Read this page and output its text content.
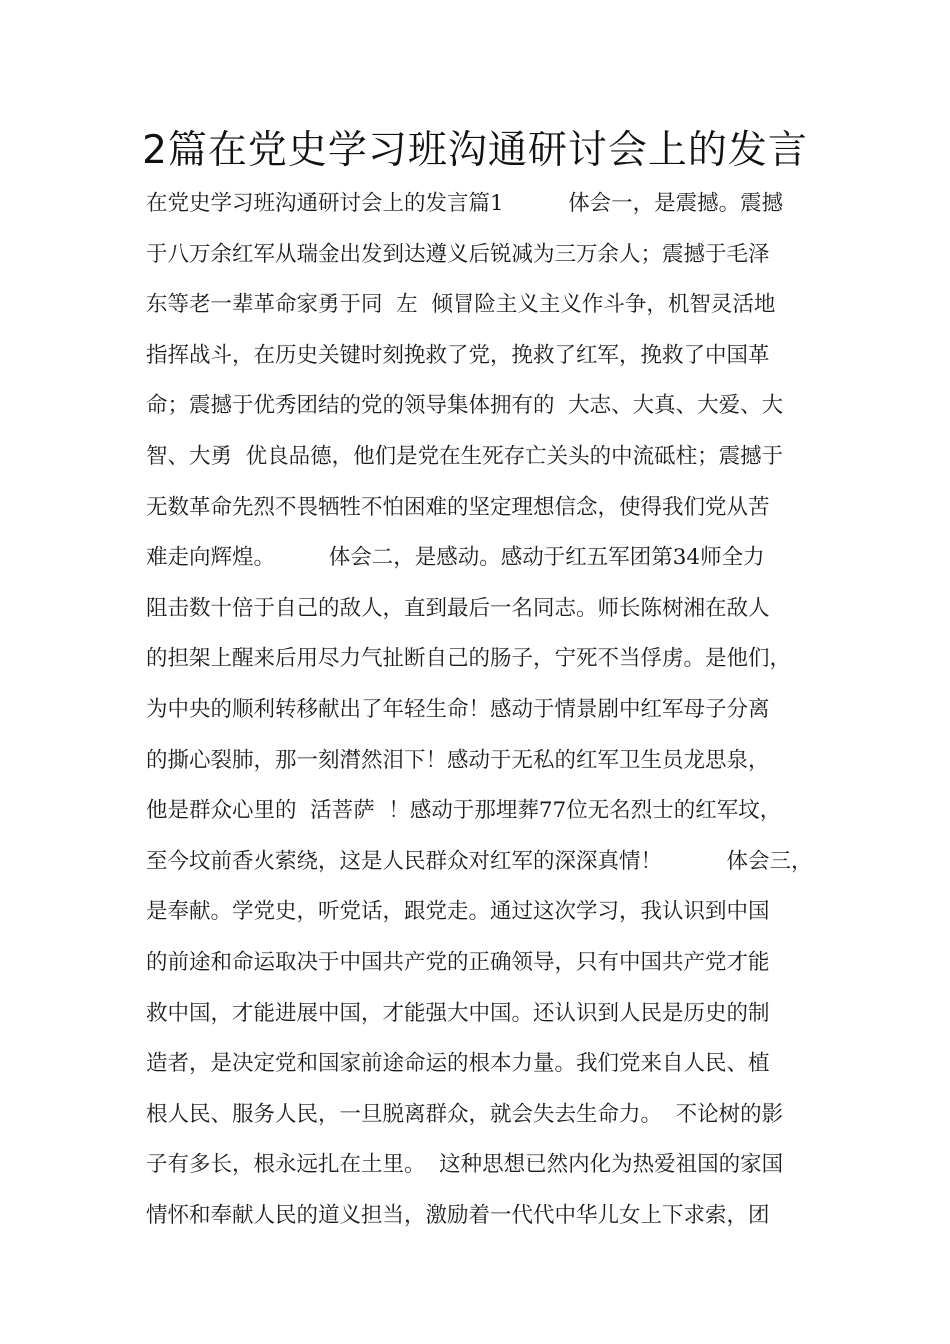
2篇在党史学习班沟通研讨会上的发言
在党史学习班沟通研讨会上的发言篇1　　　体会一，是震撼。震撼
于八万余红军从瑞金出发到达遵义后锐减为三万余人；震撼于毛泽
东等老一辈革命家勇于同  左  倾冒险主义主义作斗争，机智灵活地
指挥战斗，在历史关键时刻挽救了党，挽救了红军，挽救了中国革
命；震撼于优秀团结的党的领导集体拥有的  大志、大真、大爱、大
智、大勇  优良品德，他们是党在生死存亡关头的中流砥柱；震撼于
无数革命先烈不畏牺牲不怕困难的坚定理想信念，使得我们党从苦
难走向辉煌。　　　体会二，是感动。感动于红五军团第34师全力
阻击数十倍于自己的敌人，直到最后一名同志。师长陈树湘在敌人
的担架上醒来后用尽力气扯断自己的肠子，宁死不当俘虏。是他们，
为中央的顺利转移献出了年轻生命！感动于情景剧中红军母子分离
的撕心裂肺，那一刻潸然泪下！感动于无私的红军卫生员龙思泉，
他是群众心里的  活菩萨  ！感动于那埋葬77位无名烈士的红军坟，
至今坟前香火萦绕，这是人民群众对红军的深深真情！　　　体会三，
是奉献。学党史，听党话，跟党走。通过这次学习，我认识到中国
的前途和命运取决于中国共产党的正确领导，只有中国共产党才能
救中国，才能进展中国，才能强大中国。还认识到人民是历史的制
造者，是决定党和国家前途命运的根本力量。我们党来自人民、植
根人民、服务人民，一旦脱离群众，就会失去生命力。  不论树的影
子有多长，根永远扎在土里。  这种思想已然内化为热爱祖国的家国
情怀和奉献人民的道义担当，激励着一代代中华儿女上下求索，团
